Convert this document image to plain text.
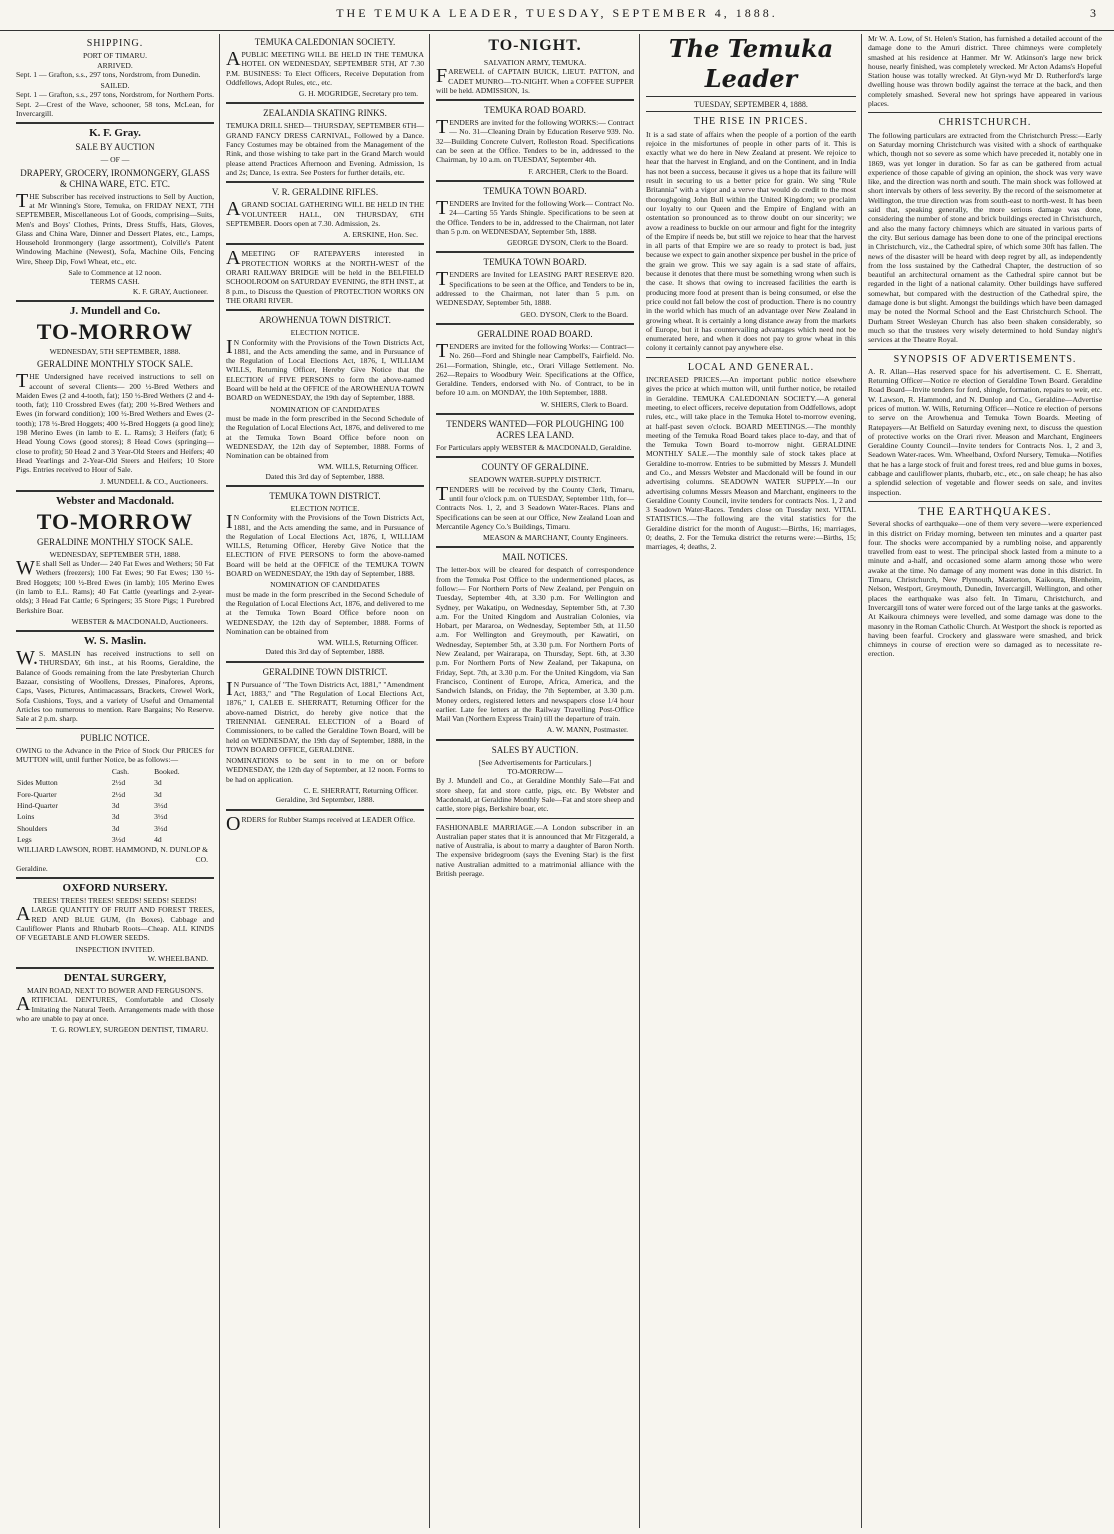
THE TEMUKA LEADER, TUESDAY, SEPTEMBER 4, 1888.	3
SHIPPING.
PORT OF TIMARU.
ARRIVED.

Sept. 1 — Grafton, s.s., 297 tons, Nordstrom, from Dunedin.

SAILED.

Sept. 1 — Grafton, s.s., 297 tons, Nordstrom, for Northern Ports. Sept. 2—Crest of the Wave, schooner, 58 tons, McLean, for Invercargill.

K. F. Gray.
SALE BY AUCTION
— OF —
DRAPERY, GROCERY, IRONMONGERY, GLASS & CHINA WARE, ETC. ETC.

THE Subscriber has received instructions to Sell by Auction, at Mr Winning's Store, Temuka, on FRIDAY NEXT, 7TH SEPTEMBER, Miscellaneous Lot of Goods, comprising—Suits, Men's and Boys' Clothes, Prints, Dress Stuffs, Hats, Gloves, Glass and China Ware, Dinner and Dessert Plates, etc., Lamps, Household Ironmongery (large assortment), Colville's Patent Windowing Machine (Newest), Sofa, Machine Oils, Fencing Wire, Sheep Dip, Fowl Wheat, etc., etc.

Sale to Commence at 12 noon.
TERMS CASH.
K. F. GRAY, Auctioneer.
J. Mundell and Co.
TO-MORROW
WEDNESDAY, 5TH SEPTEMBER, 1888.
GERALDINE MONTHLY STOCK SALE.

THE Undersigned have received instructions to sell on account of several Clients— 200 ½-Bred Wethers and Maiden Ewes (2 and 4-tooth, fat); 150 ½-Bred Wethers (2 and 4-tooth, fat); 110 Crossbred Ewes (fat); 200 ½-Bred Wethers and Ewes (in forward condition); 100 ½-Bred Wethers and Ewes (2-tooth); 178 ½-Bred Hoggets; 400 ½-Bred Hoggets (a good line); 198 Merino Ewes (in lamb to E. L. Rams); 3 Heifers (fat); 6 Head Young Cows (good stores); 8 Head Cows (springing—close to profit); 50 Head 2 and 3 Year-Old Steers and Heifers; 40 Head Yearlings and 2-Year-Old Steers and Heifers; 10 Store Pigs. Entries received to Hour of Sale.

J. MUNDELL & CO., Auctioneers.
Webster and Macdonald.
TO-MORROW
GERALDINE MONTHLY STOCK SALE.
WEDNESDAY, SEPTEMBER 5TH, 1888.

WE shall Sell as Under— 240 Fat Ewes and Wethers; 50 Fat Wethers (freezers); 100 Fat Ewes; 90 Fat Ewes; 130 ½-Bred Hoggets; 100 ½-Bred Ewes (in lamb); 105 Merino Ewes (in lamb to E.L. Rams); 40 Fat Cattle (yearlings and 2-year-olds); 3 Head Fat Cattle; 6 Springers; 35 Store Pigs; 1 Purebred Berkshire Boar.

WEBSTER & MACDONALD, Auctioneers.
W. S. Maslin.

W.S. MASLIN has received instructions to sell on THURSDAY, 6th inst., at his Rooms, Geraldine, the Balance of Goods remaining from the late Presbyterian Church Bazaar, consisting of Woollens, Dresses, Pinafores, Aprons, Caps, Vases, Pictures, Antimacassars, Brackets, Crewel Work, Sofa Cushions, Toys, and a variety of Useful and Ornamental Articles too numerous to mention. Rare Bargains; No Reserve. Sale at 2 p.m. sharp.

PUBLIC NOTICE.

OWING to the Advance in the Price of Stock Our PRICES for MUTTON will, until further Notice, be as follows:—

	Cash.	Booked.
Sides Mutton	2½d	3d
Fore-Quarter	2½d	3d
Hind-Quarter	3d	3½d
Loins	3d	3½d
Shoulders	3d	3½d
Legs	3½d	4d
WILLIARD LAWSON, ROBT. HAMMOND, N. DUNLOP & CO.
Geraldine.
OXFORD NURSERY.
TREES! TREES! TREES! SEEDS! SEEDS! SEEDS!

ALARGE QUANTITY OF FRUIT AND FOREST TREES, RED AND BLUE GUM, (In Boxes). Cabbage and Cauliflower Plants and Rhubarb Roots—Cheap. ALL KINDS OF VEGETABLE AND FLOWER SEEDS.

INSPECTION INVITED.
W. WHEELBAND.
DENTAL SURGERY,
MAIN ROAD, NEXT TO BOWER AND FERGUSON'S.

ARTIFICIAL DENTURES, Comfortable and Closely Imitating the Natural Teeth. Arrangements made with those who are unable to pay at once.

T. G. ROWLEY, SURGEON DENTIST, TIMARU.
TEMUKA CALEDONIAN SOCIETY.

APUBLIC MEETING WILL BE HELD IN THE TEMUKA HOTEL ON WEDNESDAY, SEPTEMBER 5TH, AT 7.30 P.M. BUSINESS: To Elect Officers, Receive Deputation from Oddfellows, Adopt Rules, etc., etc.

G. H. MOGRIDGE, Secretary pro tem.
ZEALANDIA SKATING RINKS.

TEMUKA DRILL SHED— THURSDAY, SEPTEMBER 6TH— GRAND FANCY DRESS CARNIVAL, Followed by a Dance. Fancy Costumes may be obtained from the Management of the Rink, and those wishing to take part in the Grand March would please attend Practices Afternoon and Evening. Admission, 1s and 2s; Dance, 1s extra. See Posters for further details, etc.

V. R. GERALDINE RIFLES.

AGRAND SOCIAL GATHERING WILL BE HELD IN THE VOLUNTEER HALL, ON THURSDAY, 6TH SEPTEMBER. Doors open at 7.30. Admission, 2s.

A. ERSKINE, Hon. Sec.

AMEETING OF RATEPAYERS interested in PROTECTION WORKS at the NORTH-WEST of the ORARI RAILWAY BRIDGE will be held in the BELFIELD SCHOOLROOM on SATURDAY EVENING, the 8TH INST., at 8 p.m., to Discuss the Question of PROTECTION WORKS ON THE ORARI RIVER.

AROWHENUA TOWN DISTRICT.
ELECTION NOTICE.

IN Conformity with the Provisions of the Town Districts Act, 1881, and the Acts amending the same, and in Pursuance of the Regulation of Local Elections Act, 1876, I, WILLIAM WILLS, Returning Officer, Hereby Give Notice that the ELECTION of FIVE PERSONS to form the above-named Board will be held at the OFFICE of the AROWHENUA TOWN BOARD on WEDNESDAY, the 19th day of September, 1888.

NOMINATION OF CANDIDATES

must be made in the form prescribed in the Second Schedule of the Regulation of Local Elections Act, 1876, and delivered to me at the Temuka Town Board Office before noon on WEDNESDAY, the 12th day of September, 1888. Forms of Nomination can be obtained from

WM. WILLS, Returning Officer.
Dated this 3rd day of September, 1888.
TEMUKA TOWN DISTRICT.
ELECTION NOTICE.

IN Conformity with the Provisions of the Town Districts Act, 1881, and the Acts amending the same, and in Pursuance of the Regulation of Local Elections Act, 1876, I, WILLIAM WILLS, Returning Officer, Hereby Give Notice that the ELECTION of FIVE PERSONS to form the above-named Board will be held at the OFFICE of the TEMUKA TOWN BOARD on WEDNESDAY, the 19th day of September, 1888.

NOMINATION OF CANDIDATES

must be made in the form prescribed in the Second Schedule of the Regulation of Local Elections Act, 1876, and delivered to me at the Temuka Town Board Office before noon on WEDNESDAY, the 12th day of September, 1888. Forms of Nomination can be obtained from

WM. WILLS, Returning Officer.
Dated this 3rd day of September, 1888.
GERALDINE TOWN DISTRICT.

IN Pursuance of "The Town Districts Act, 1881," "Amendment Act, 1883," and "The Regulation of Local Elections Act, 1876," I, CALEB E. SHERRATT, Returning Officer for the above-named District, do hereby give notice that the TRIENNIAL GENERAL ELECTION of a Board of Commissioners, to be called the Geraldine Town Board, will be held on WEDNESDAY, the 19th day of September, 1888, in the TOWN BOARD OFFICE, GERALDINE.

NOMINATIONS to be sent in to me on or before WEDNESDAY, the 12th day of September, at 12 noon. Forms to be had on application.

C. E. SHERRATT, Returning Officer.
Geraldine, 3rd September, 1888.

ORDERS for Rubber Stamps received at LEADER Office.

TO-NIGHT.
SALVATION ARMY, TEMUKA.

FAREWELL of CAPTAIN BUICK, LIEUT. PATTON, and CADET MUNRO—TO-NIGHT. When a COFFEE SUPPER will be held. ADMISSION, 1s.

TEMUKA ROAD BOARD.

TENDERS are invited for the following WORKS:— Contract— No. 31—Cleaning Drain by Education Reserve 939. No. 32—Building Concrete Culvert, Rolleston Road. Specifications can be seen at the Office. Tenders to be in, addressed to the Chairman, by 10 a.m. on TUESDAY, September 4th.

F. ARCHER, Clerk to the Board.
TEMUKA TOWN BOARD.

TENDERS are Invited for the following Work— Contract No. 24—Carting 55 Yards Shingle. Specifications to be seen at the Office. Tenders to be in, addressed to the Chairman, not later than 5 p.m. on WEDNESDAY, September 5th, 1888.

GEORGE DYSON, Clerk to the Board.
TEMUKA TOWN BOARD.

TENDERS are Invited for LEASING PART RESERVE 820. Specifications to be seen at the Office, and Tenders to be in, addressed to the Chairman, not later than 5 p.m. on WEDNESDAY, September 5th, 1888.

GEO. DYSON, Clerk to the Board.
GERALDINE ROAD BOARD.

TENDERS are invited for the following Works:— Contract— No. 260—Ford and Shingle near Campbell's, Fairfield. No. 261—Formation, Shingle, etc., Orari Village Settlement. No. 262—Repairs to Woodbury Weir. Specifications at the Office, Geraldine. Tenders, endorsed with No. of Contract, to be in before 10 a.m. on MONDAY, the 10th September, 1888.

W. SHIERS, Clerk to Board.
TENDERS WANTED—FOR PLOUGHING 100 ACRES LEA LAND.

For Particulars apply WEBSTER & MACDONALD, Geraldine.

COUNTY OF GERALDINE.
SEADOWN WATER-SUPPLY DISTRICT.

TENDERS will be received by the County Clerk, Timaru, until four o'clock p.m. on TUESDAY, September 11th, for— Contracts Nos. 1, 2, and 3 Seadown Water-Races. Plans and Specifications can be seen at our Office, New Zealand Loan and Mercantile Agency Co.'s Buildings, Timaru.

MEASON & MARCHANT, County Engineers.
MAIL NOTICES.

The letter-box will be cleared for despatch of correspondence from the Temuka Post Office to the undermentioned places, as follow:— For Northern Ports of New Zealand, per Penguin on Tuesday, September 4th, at 3.30 p.m. For Wellington and Sydney, per Wakatipu, on Wednesday, September 5th, at 7.30 a.m. For the United Kingdom and Australian Colonies, via Hobart, per Mararoa, on Wednesday, September 5th, at 11.50 a.m. For Wellington and Greymouth, per Kawatiri, on Wednesday, September 5th, at 3.30 p.m. For Northern Ports of New Zealand, per Wairarapa, on Thursday, Sept. 6th, at 3.30 p.m. For Northern Ports of New Zealand, per Takapuna, on Friday, Sept. 7th, at 3.30 p.m. For the United Kingdom, via San Francisco, Continent of Europe, Africa, America, and the Sandwich Islands, on Friday, the 7th September, at 3.30 p.m. Money orders, registered letters and newspapers close 1/4 hour earlier. Late fee letters at the Railway Travelling Post-Office Mail Van (Northern Express Train) till the departure of train.

A. W. MANN, Postmaster.
SALES BY AUCTION.
[See Advertisements for Particulars.]
TO-MORROW—

By J. Mundell and Co., at Geraldine Monthly Sale—Fat and store sheep, fat and store cattle, pigs, etc. By Webster and Macdonald, at Geraldine Monthly Sale—Fat and store sheep and cattle, store pigs, Berkshire boar, etc.

FASHIONABLE MARRIAGE.—A London subscriber in an Australian paper states that it is announced that Mr Fitzgerald, a native of Australia, is about to marry a daughter of Baron North. The expensive bridegroom (says the Evening Star) is the first native Australian admitted to a matrimonial alliance with the British peerage.

The Temuka Leader
TUESDAY, SEPTEMBER 4, 1888.
THE RISE IN PRICES.

It is a sad state of affairs when the people of a portion of the earth rejoice in the misfortunes of people in other parts of it. This is exactly what we do here in New Zealand at present. We rejoice to hear that the harvest in England, and on the Continent, and in India has not been a success, because it gives us a hope that its failure will result in securing to us a better price for grain. We sing "Rule Britannia" with a vigor and a verve that would do credit to the most thoroughgoing John Bull within the United Kingdom; we proclaim our loyalty to our Queen and the Empire of England with an ostentation so pronounced as to throw doubt on our sincerity; we avow a readiness to buckle on our armour and fight for the integrity of the Empire if needs be, but still we rejoice to hear that the harvest in all parts of that Empire we are so ready to protect is bad, just because we expect to gain another sixpence per bushel in the price of the grain we grow. This we say again is a sad state of affairs, because it denotes that there must be something wrong when such is the case. It shows that owing to increased facilities the earth is producing more food at present than is being consumed, or else the price could not fall below the cost of production. There is no country in the world which has much of an advantage over New Zealand in growing wheat. It is certainly a long distance away from the markets of Europe, but it has countervailing advantages which need not be enumerated here, and when it does not pay to grow wheat in this colony it certainly cannot pay anywhere else.

LOCAL AND GENERAL.

INCREASED PRICES.—An important public notice elsewhere gives the price at which mutton will, until further notice, be retailed in Geraldine. TEMUKA CALEDONIAN SOCIETY.—A general meeting, to elect officers, receive deputation from Oddfellows, adopt rules, etc., will take place in the Temuka Hotel to-morrow evening, at half-past seven o'clock. BOARD MEETINGS.—The monthly meeting of the Temuka Road Board takes place to-day, and that of the Temuka Town Board to-morrow night. GERALDINE MONTHLY SALE.—The monthly sale of stock takes place at Geraldine to-morrow. Entries to be submitted by Messrs J. Mundell and Co., and Messrs Webster and Macdonald will be found in our advertising columns. SEADOWN WATER SUPPLY.—In our advertising columns Messrs Meason and Marchant, engineers to the Geraldine County Council, invite tenders for contracts Nos. 1, 2 and 3 Seadown Water-Races. Tenders close on Tuesday next. VITAL STATISTICS.—The following are the vital statistics for the Geraldine district for the month of August:—Births, 16; marriages, 0; deaths, 2. For the Temuka district the returns were:—Births, 15; marriages, 4; deaths, 2.

Mr W. A. Low, of St. Helen's Station, has furnished a detailed account of the damage done to the Amuri district. Three chimneys were completely smashed at his residence at Hanmer. Mr W. Atkinson's large new brick house, nearly finished, was completely wrecked. Mr Acton Adams's Hopeful Station house was totally wrecked. At Glyn-wyd Mr D. Rutherford's large dwelling house was thrown bodily against the terrace at the back, and then completely smashed. Several new hot springs have appeared in various places.

CHRISTCHURCH.

The following particulars are extracted from the Christchurch Press:—Early on Saturday morning Christchurch was visited with a shock of earthquake which, though not so severe as some which have preceded it, notably one in 1869, was yet longer in duration. So far as can be gathered from actual experience of those capable of giving an opinion, the shock was very wave like, and the direction was north and south. The main shock was followed at short intervals by others of less severity. By the record of the seismometer at Wellington, the true direction was from south-east to north-west. It has been said that, speaking generally, the more serious damage was done, considering the number of stone and brick buildings erected in Christchurch, and also the many factory chimneys which are situated in various parts of the city. But serious damage has been done to one of the principal erections in Christchurch, viz., the Cathedral spire, of which some 30ft has fallen. The news of the disaster will be heard with deep regret by all, as independently from the loss sustained by the Cathedral Chapter, the destruction of so beautiful an architectural ornament as the Cathedral spire cannot but be regarded in the light of a national calamity. Other buildings have suffered somewhat, but compared with the destruction of the Cathedral spire, the damage done is but slight. Amongst the buildings which have been damaged may be noted the Normal School and the East Christchurch School. The Durham Street Wesleyan Church has also been shaken considerably, so much so that the trustees very wisely determined to hold Sunday night's services at the Theatre Royal.

SYNOPSIS OF ADVERTISEMENTS.

A. R. Allan—Has reserved space for his advertisement. C. E. Sherratt, Returning Officer—Notice re election of Geraldine Town Board. Geraldine Road Board—Invite tenders for ford, shingle, formation, repairs to weir, etc. W. Lawson, R. Hammond, and N. Dunlop and Co., Geraldine—Advertise prices of mutton. W. Wills, Returning Officer—Notice re election of persons to serve on the Arowhenua and Temuka Town Boards. Meeting of Ratepayers—At Belfield on Saturday evening next, to discuss the question of protective works on the Orari river. Meason and Marchant, Engineers Geraldine County Council—Invite tenders for Contracts Nos. 1, 2 and 3, Seadown Water-races. Wm. Wheelband, Oxford Nursery, Temuka—Notifies that he has a large stock of fruit and forest trees, red and blue gums in boxes, cabbage and cauliflower plants, rhubarb, etc., etc., on sale cheap; he has also a splendid selection of vegetable and flower seeds on sale, and invites inspection.

THE EARTHQUAKES.

Several shocks of earthquake—one of them very severe—were experienced in this district on Friday morning, between ten minutes and a quarter past four. The shocks were accompanied by a rumbling noise, and apparently travelled from east to west. The principal shock lasted from a minute to a minute and a-half, and occasioned some alarm among those who were awake at the time. No damage of any moment was done in this district. In Timaru, Christchurch, New Plymouth, Masterton, Kaikoura, Blenheim, Nelson, Westport, Greymouth, Dunedin, Invercargill, Wellington, and other places the earthquake was also felt. In Timaru, Christchurch, and Invercargill tons of water were forced out of the large tanks at the gasworks. At Kaikoura chimneys were levelled, and some damage was done to the masonry in the Roman Catholic Church. At Westport the shock is reported as having been fearful. Crockery and glassware were smashed, and brick chimneys in course of erection were so damaged as to necessitate re-erection.
